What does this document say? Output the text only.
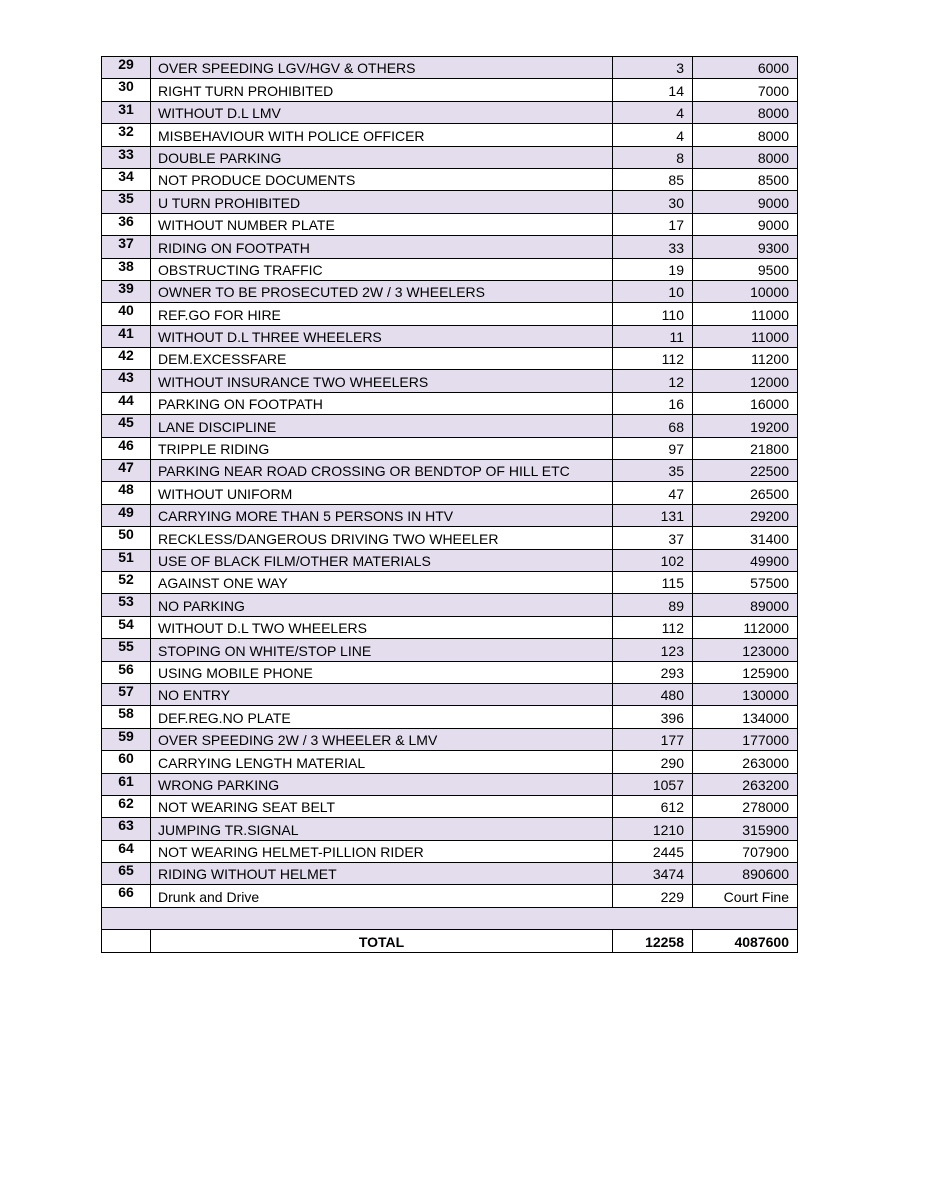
29	OVER SPEEDING LGV/HGV & OTHERS	3	6000
30	RIGHT TURN PROHIBITED	14	7000
31	WITHOUT D.L LMV	4	8000
32	MISBEHAVIOUR WITH POLICE OFFICER	4	8000
33	DOUBLE PARKING	8	8000
34	NOT PRODUCE DOCUMENTS	85	8500
35	U TURN PROHIBITED	30	9000
36	WITHOUT NUMBER PLATE	17	9000
37	RIDING ON FOOTPATH	33	9300
38	OBSTRUCTING TRAFFIC	19	9500
39	OWNER TO BE PROSECUTED 2W / 3 WHEELERS	10	10000
40	REF.GO FOR HIRE	110	11000
41	WITHOUT D.L THREE WHEELERS	11	11000
42	DEM.EXCESSFARE	112	11200
43	WITHOUT INSURANCE TWO WHEELERS	12	12000
44	PARKING ON FOOTPATH	16	16000
45	LANE DISCIPLINE	68	19200
46	TRIPPLE RIDING	97	21800
47	PARKING NEAR ROAD CROSSING OR BENDTOP OF HILL ETC	35	22500
48	WITHOUT UNIFORM	47	26500
49	CARRYING MORE THAN 5 PERSONS IN HTV	131	29200
50	RECKLESS/DANGEROUS DRIVING TWO WHEELER	37	31400
51	USE OF BLACK FILM/OTHER MATERIALS	102	49900
52	AGAINST ONE WAY	115	57500
53	NO PARKING	89	89000
54	WITHOUT D.L TWO WHEELERS	112	112000
55	STOPING ON WHITE/STOP LINE	123	123000
56	USING MOBILE PHONE	293	125900
57	NO ENTRY	480	130000
58	DEF.REG.NO PLATE	396	134000
59	OVER SPEEDING 2W / 3 WHEELER & LMV	177	177000
60	CARRYING LENGTH MATERIAL	290	263000
61	WRONG PARKING	1057	263200
62	NOT WEARING SEAT BELT	612	278000
63	JUMPING TR.SIGNAL	1210	315900
64	NOT WEARING HELMET-PILLION RIDER	2445	707900
65	RIDING WITHOUT HELMET	3474	890600
66	Drunk and Drive	229	Court Fine

	TOTAL	12258	4087600
